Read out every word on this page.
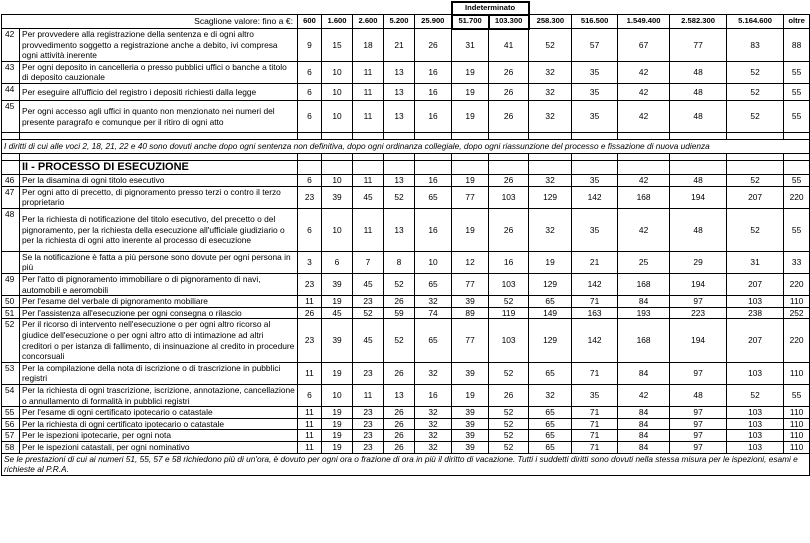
							Indeterminato							
Scaglione valore: fino a €:		600	1.600	2.600	5.200	25.900	51.700	103.300	258.300	516.500	1.549.400	2.582.300	5.164.600	oltre
42	Per provvedere alla registrazione della sentenza e di ogni altro provvedimento soggetto a registrazione anche a debito, ivi compresa ogni attività inerente	9	15	18	21	26	31	41	52	57	67	77	83	88
43	Per ogni deposito in cancelleria o presso pubblici uffici o banche a titolo di deposito cauzionale	6	10	11	13	16	19	26	32	35	42	48	52	55
44	Per eseguire all'ufficio del registro i depositi richiesti dalla legge	6	10	11	13	16	19	26	32	35	42	48	52	55
45	Per ogni accesso agli uffici in quanto non menzionato nei numeri del presente paragrafo e comunque per il ritiro di ogni atto	6	10	11	13	16	19	26	32	35	42	48	52	55

I diritti di cui alle voci 2, 18, 21, 22 e 40 sono dovuti anche dopo ogni sentenza non definitiva, dopo ogni ordinanza collegiale, dopo ogni riassunzione del processo e fissazione di nuova udienza														

	II - PROCESSO DI ESECUZIONE													
46	Per la disamina di ogni titolo esecutivo	6	10	11	13	16	19	26	32	35	42	48	52	55
47	Per ogni atto di precetto, di pignoramento presso terzi o contro il terzo proprietario	23	39	45	52	65	77	103	129	142	168	194	207	220
48	Per la richiesta di notificazione del titolo esecutivo, del precetto o del pignoramento, per la richiesta della esecuzione all'ufficiale giudiziario o per la richiesta di ogni atto inerente al processo di esecuzione	6	10	11	13	16	19	26	32	35	42	48	52	55
	Se la notificazione è fatta a più persone sono dovute per ogni persona in più	3	6	7	8	10	12	16	19	21	25	29	31	33
49	Per l'atto di pignoramento immobiliare o di pignoramento di navi, automobili e aeromobili	23	39	45	52	65	77	103	129	142	168	194	207	220
50	Per l'esame del verbale di pignoramento mobiliare	11	19	23	26	32	39	52	65	71	84	97	103	110
51	Per l'assistenza all'esecuzione per ogni consegna o rilascio	26	45	52	59	74	89	119	149	163	193	223	238	252
52	Per il ricorso di intervento nell'esecuzione o per ogni altro ricorso al giudice dell'esecuzione o per ogni altro atto di intimazione ad altri creditori o per istanza di fallimento, di insinuazione al credito in procedure concorsuali	23	39	45	52	65	77	103	129	142	168	194	207	220
53	Per la compilazione della nota di iscrizione o di trascrizione in pubblici registri	11	19	23	26	32	39	52	65	71	84	97	103	110
54	Per la richiesta di ogni trascrizione, iscrizione, annotazione, cancellazione o annullamento di formalità in pubblici registri	6	10	11	13	16	19	26	32	35	42	48	52	55
55	Per l'esame di ogni certificato ipotecario o catastale	11	19	23	26	32	39	52	65	71	84	97	103	110
56	Per la richiesta di ogni certificato ipotecario o catastale	11	19	23	26	32	39	52	65	71	84	97	103	110
57	Per le ispezioni ipotecarie, per ogni nota	11	19	23	26	32	39	52	65	71	84	97	103	110
58	Per le ispezioni catastali, per ogni nominativo	11	19	23	26	32	39	52	65	71	84	97	103	110
Se le prestazioni di cui ai numeri 51, 55, 57 e 58 richiedono più di un'ora, è dovuto per ogni ora o frazione di ora in più il diritto di vacazione. Tutti i suddetti diritti sono dovuti nella stessa misura per le ispezioni, esami e richieste al P.R.A.														
